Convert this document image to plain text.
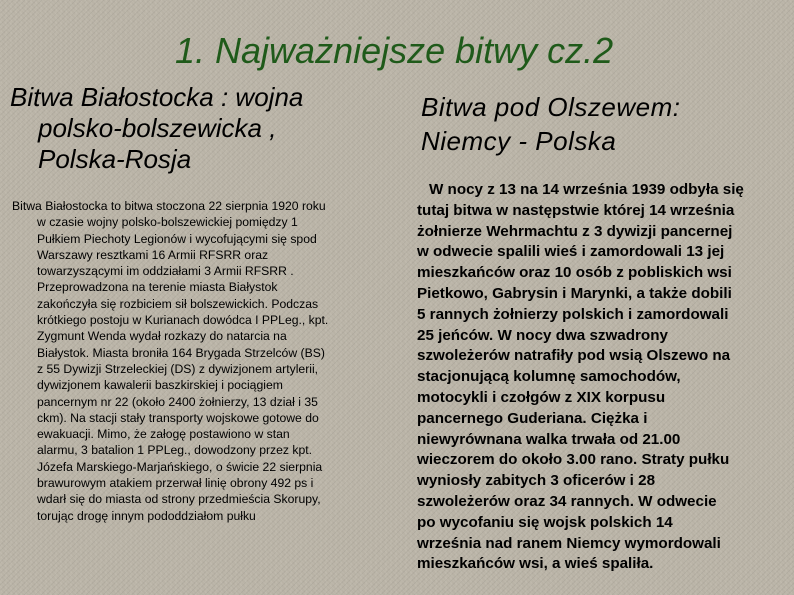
1. Najważniejsze bitwy cz.2
Bitwa Białostocka : wojna
polsko-bolszewicka ,
Polska-Rosja
Bitwa pod Olszewem:
Niemcy - Polska
Bitwa Białostocka to bitwa stoczona 22 sierpnia 1920 roku
w czasie wojny polsko-bolszewickiej pomiędzy 1
Pułkiem Piechoty Legionów i wycofującymi się spod
Warszawy resztkami 16 Armii RFSRR oraz
towarzyszącymi im oddziałami 3 Armii RFSRR .
Przeprowadzona na terenie miasta Białystok
zakończyła się rozbiciem sił bolszewickich. Podczas
krótkiego postoju w Kurianach dowódca I PPLeg., kpt.
Zygmunt Wenda wydał rozkazy do natarcia na
Białystok. Miasta broniła 164 Brygada Strzelców (BS)
z 55 Dywizji Strzeleckiej (DS) z dywizjonem artylerii,
dywizjonem kawalerii baszkirskiej i pociągiem
pancernym nr 22 (około 2400 żołnierzy, 13 dział i 35
ckm). Na stacji stały transporty wojskowe gotowe do
ewakuacji. Mimo, że załogę postawiono w stan
alarmu, 3 batalion 1 PPLeg., dowodzony przez kpt.
Józefa Marskiego-Marjańskiego, o świcie 22 sierpnia
brawurowym atakiem przerwał linię obrony 492 ps i
wdarł się do miasta od strony przedmieścia Skorupy,
torując drogę innym pododdziałom pułku
W nocy z 13 na 14 września 1939 odbyła się
tutaj bitwa w następstwie której 14 września
żołnierze Wehrmachtu z 3 dywizji pancernej
w odwecie spalili wieś i zamordowali 13 jej
mieszkańców oraz 10 osób z pobliskich wsi
Pietkowo, Gabrysin i Marynki, a także dobili
5 rannych żołnierzy polskich i zamordowali
25 jeńców. W nocy dwa szwadrony
szwoleżerów natrafiły pod wsią Olszewo na
stacjonującą kolumnę samochodów,
motocykli i czołgów z XIX korpusu
pancernego Guderiana. Ciężka i
niewyrównana walka trwała od 21.00
wieczorem do około 3.00 rano. Straty pułku
wyniosły zabitych 3 oficerów i 28
szwoleżerów oraz 34 rannych. W odwecie
po wycofaniu się wojsk polskich 14
września nad ranem Niemcy wymordowali
mieszkańców wsi, a wieś spaliła.
